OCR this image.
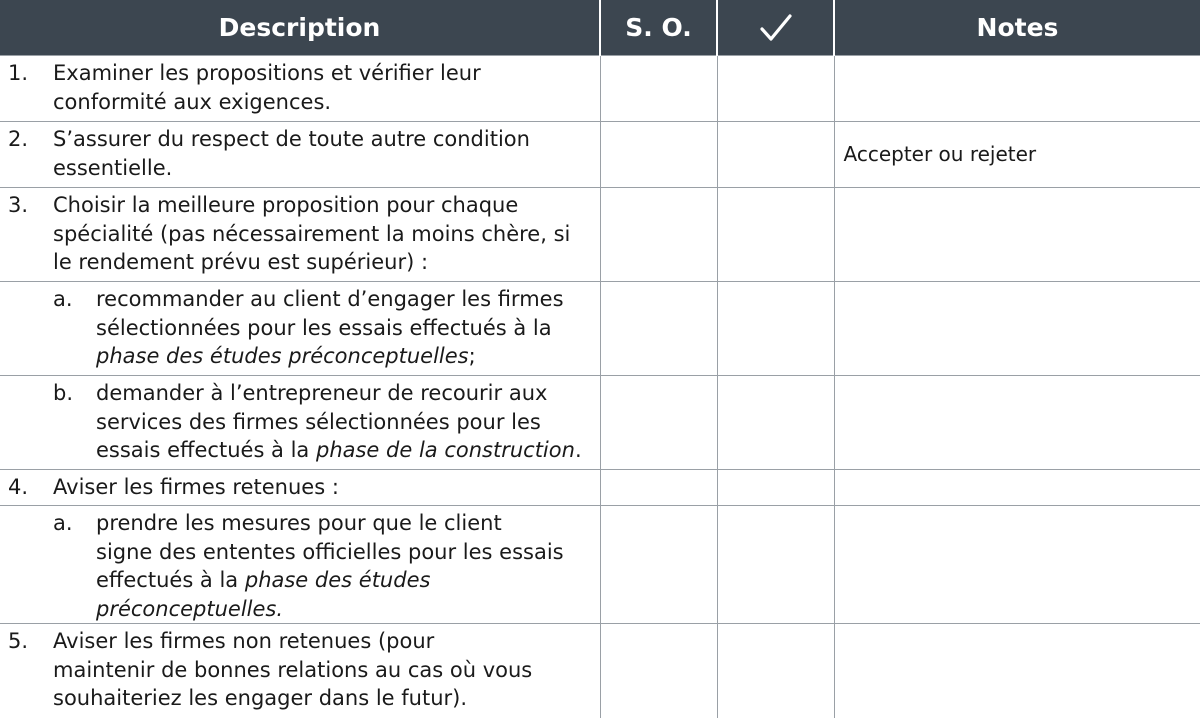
Description	S. O.		Notes

1. Examiner les propositions et vérifier leur
conformité aux exigences.			

2. S’assurer du respect de toute autre condition
essentielle.			Accepter ou rejeter

3. Choisir la meilleure proposition pour chaque
spécialité (pas nécessairement la moins chère, si
le rendement prévu est supérieur) :			

a. recommander au client d’engager les firmes
sélectionnées pour les essais effectués à la
phase des études préconceptuelles;			

b. demander à l’entrepreneur de recourir aux
services des firmes sélectionnées pour les
essais effectués à la phase de la construction.			

4. Aviser les firmes retenues :			

a. prendre les mesures pour que le client
signe des ententes officielles pour les essais
effectués à la phase des études préconceptuelles.			

5. Aviser les firmes non retenues (pour
maintenir de bonnes relations au cas où vous
souhaiteriez les engager dans le futur).			
